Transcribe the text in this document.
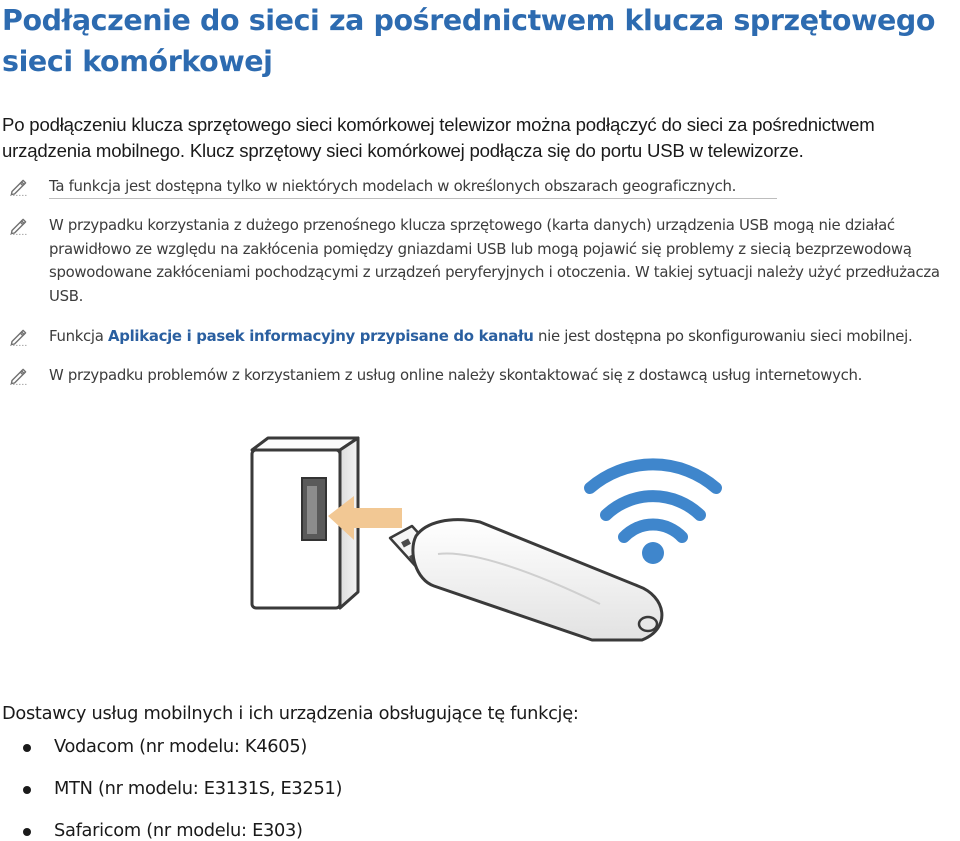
Podłączenie do sieci za pośrednictwem klucza sprzętowego sieci komórkowej
Po podłączeniu klucza sprzętowego sieci komórkowej telewizor można podłączyć do sieci za pośrednictwem urządzenia mobilnego. Klucz sprzętowy sieci komórkowej podłącza się do portu USB w telewizorze.
Ta funkcja jest dostępna tylko w niektórych modelach w określonych obszarach geograficznych.
W przypadku korzystania z dużego przenośnego klucza sprzętowego (karta danych) urządzenia USB mogą nie działać prawidłowo ze względu na zakłócenia pomiędzy gniazdami USB lub mogą pojawić się problemy z siecią bezprzewodową spowodowane zakłóceniami pochodzącymi z urządzeń peryferyjnych i otoczenia. W takiej sytuacji należy użyć przedłużacza USB.
Funkcja Aplikacje i pasek informacyjny przypisane do kanału nie jest dostępna po skonfigurowaniu sieci mobilnej.
W przypadku problemów z korzystaniem z usług online należy skontaktować się z dostawcą usług internetowych.
Dostawcy usług mobilnych i ich urządzenia obsługujące tę funkcję:
Vodacom (nr modelu: K4605)
MTN (nr modelu: E3131S, E3251)
Safaricom (nr modelu: E303)
